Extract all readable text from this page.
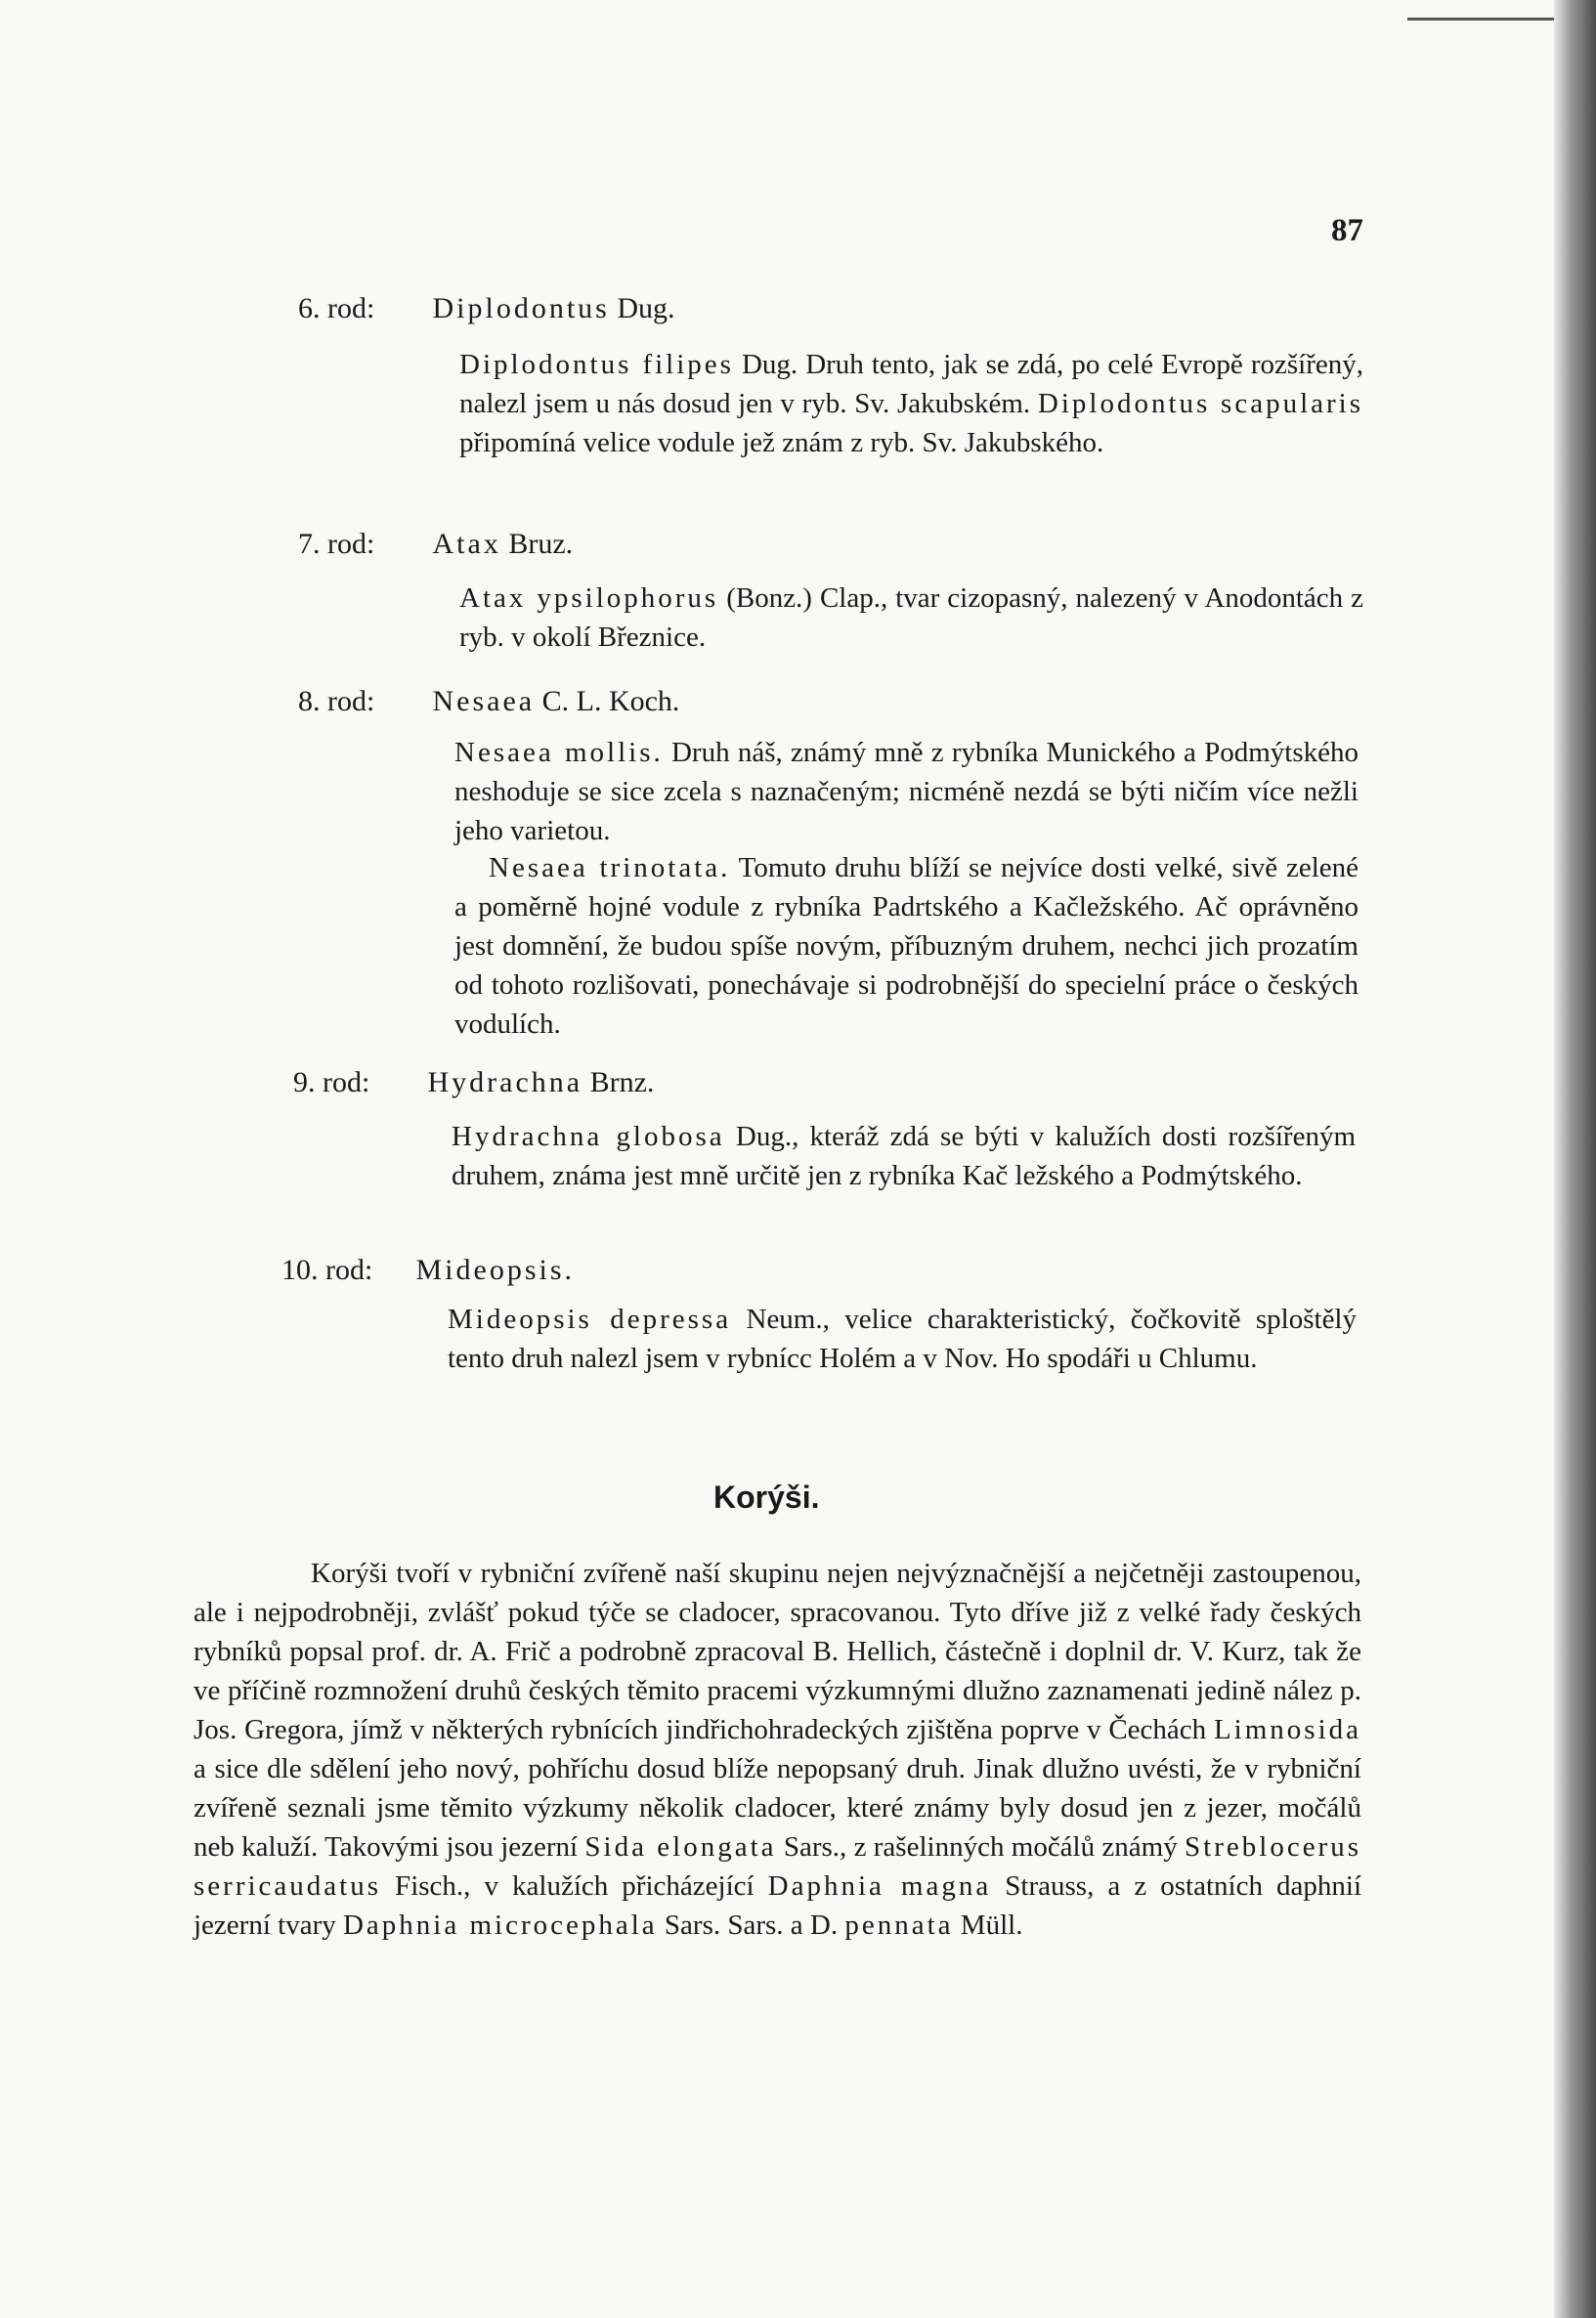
87
6. rod: Diplodontus Dug.
Diplodontus filipes Dug. Druh tento, jak se zdá, po celé Evropě rozšířený, nalezl jsem u nás dosud jen v ryb. Sv. Jakubském. Diplodontus scapularis připomíná velice vodule jež znám z ryb. Sv. Jakubského.
7. rod: Atax Bruz.
Atax ypsilophorus (Bonz.) Clap., tvar cizopasný, nalezený v Anodontách z ryb. v okolí Březnice.
8. rod: Nesaea C. L. Koch.
Nesaea mollis. Druh náš, známý mně z rybníka Munického a Podmýtského neshoduje se sice zcela s naznačeným; nicméně nezdá se býti ničím více nežli jeho varietou.
Nesaea trinotata. Tomuto druhu blíží se nejvíce dosti velké, sivě zelené a poměrně hojné vodule z rybníka Padrtského a Kačležského. Ač oprávněno jest domnění, že budou spíše novým, příbuzným druhem, nechci jich prozatím od tohoto rozlišovati, ponechávaje si podrobnější do specielní práce o českých vodulích.
9. rod: Hydrachna Brnz.
Hydrachna globosa Dug., kteráž zdá se býti v kalužích dosti rozšířeným druhem, známa jest mně určitě jen z rybníka Kač ležského a Podmýtského.
10. rod: Mideopsis.
Mideopsis depressa Neum., velice charakteristický, čočkovitě sploštělý tento druh nalezl jsem v rybnícc Holém a v Nov. Ho spodáři u Chlumu.
Korýši.
Korýši tvoří v rybniční zvířeně naší skupinu nejen nejvýznačnější a nejčetněji zastoupenou, ale i nejpodrobněji, zvlášť pokud týče se cladocer, spracovanou. Tyto dříve již z velké řady českých rybníků popsal prof. dr. A. Frič a podrobně zpracoval B. Hellich, částečně i doplnil dr. V. Kurz, tak že ve příčině rozmnožení druhů českých těmito pracemi výzkumnými dlužno zaznamenati jedině nález p. Jos. Gregora, jímž v některých rybnících jindřichohradeckých zjištěna poprve v Čechách Limnosida a sice dle sdělení jeho nový, pohříchu dosud blíže nepopsaný druh. Jinak dlužno uvésti, že v rybniční zvířeně seznali jsme těmito výzkumy několik cladocer, které známy byly dosud jen z jezer, močálů neb kaluží. Takovými jsou jezerní Sida elongata Sars., z rašelinných močálů známý Streblocerus serricaudatus Fisch., v kalužích přicházející Daphnia magna Strauss, a z ostatních daphnií jezerní tvary Daphnia microcephala Sars. Sars. a D. pennata Müll.
